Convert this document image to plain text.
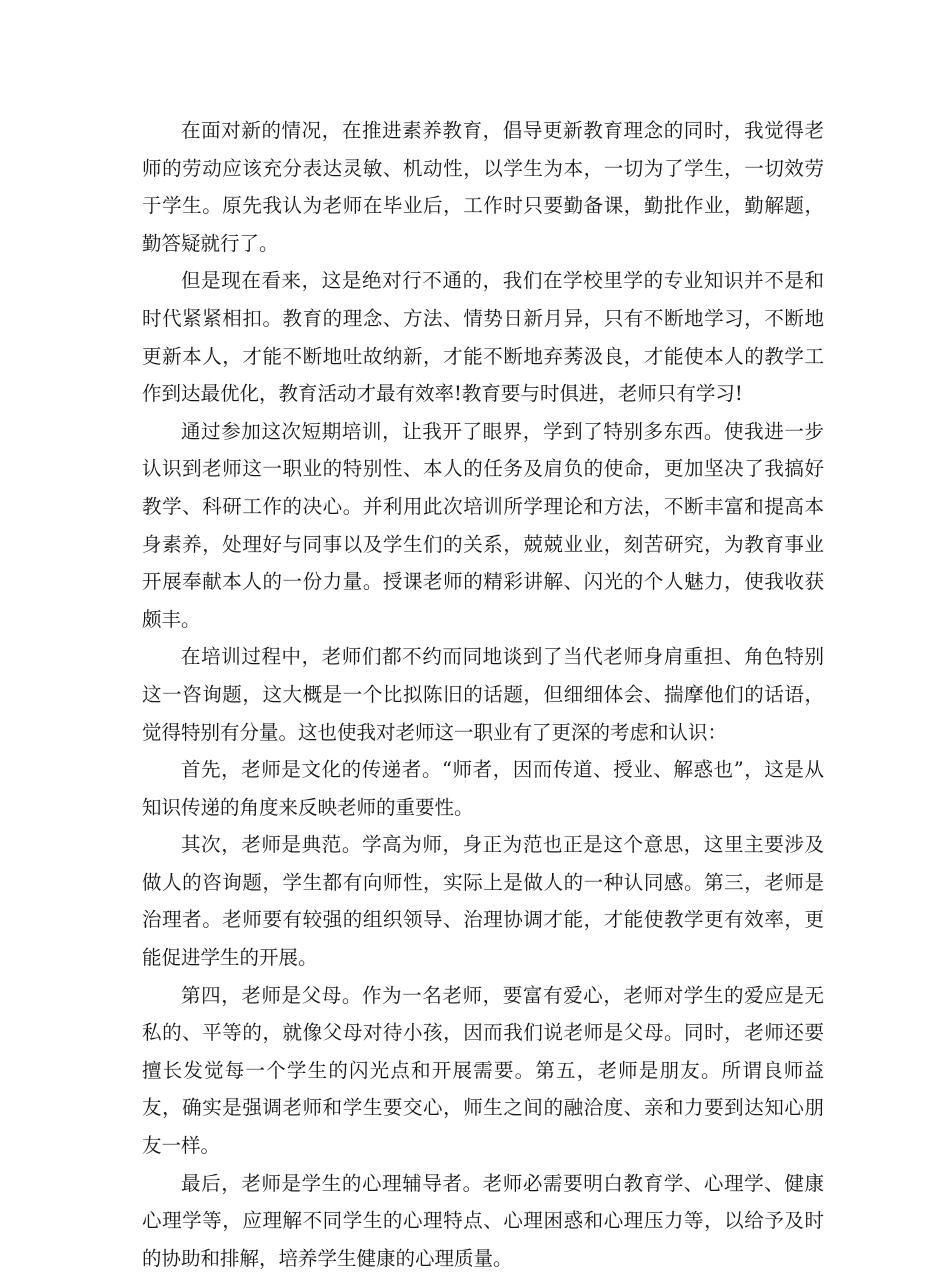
在面对新的情况，在推进素养教育，倡导更新教育理念的同时，我觉得老师的劳动应该充分表达灵敏、机动性，以学生为本，一切为了学生，一切效劳于学生。原先我认为老师在毕业后，工作时只要勤备课，勤批作业，勤解题，勤答疑就行了。

但是现在看来，这是绝对行不通的，我们在学校里学的专业知识并不是和时代紧紧相扣。教育的理念、方法、情势日新月异，只有不断地学习，不断地更新本人，才能不断地吐故纳新，才能不断地弃莠汲良，才能使本人的教学工作到达最优化，教育活动才最有效率!教育要与时俱进，老师只有学习!

通过参加这次短期培训，让我开了眼界，学到了特别多东西。使我进一步认识到老师这一职业的特别性、本人的任务及肩负的使命，更加坚决了我搞好教学、科研工作的决心。并利用此次培训所学理论和方法，不断丰富和提高本身素养，处理好与同事以及学生们的关系，兢兢业业，刻苦研究，为教育事业开展奉献本人的一份力量。授课老师的精彩讲解、闪光的个人魅力，使我收获颇丰。

在培训过程中，老师们都不约而同地谈到了当代老师身肩重担、角色特别这一咨询题，这大概是一个比拟陈旧的话题，但细细体会、揣摩他们的话语，觉得特别有分量。这也使我对老师这一职业有了更深的考虑和认识：

首先，老师是文化的传递者。“师者，因而传道、授业、解惑也”，这是从知识传递的角度来反映老师的重要性。

其次，老师是典范。学高为师，身正为范也正是这个意思，这里主要涉及做人的咨询题，学生都有向师性，实际上是做人的一种认同感。第三，老师是治理者。老师要有较强的组织领导、治理协调才能，才能使教学更有效率，更能促进学生的开展。

第四，老师是父母。作为一名老师，要富有爱心，老师对学生的爱应是无私的、平等的，就像父母对待小孩，因而我们说老师是父母。同时，老师还要擅长发觉每一个学生的闪光点和开展需要。第五，老师是朋友。所谓良师益友，确实是强调老师和学生要交心，师生之间的融洽度、亲和力要到达知心朋友一样。

最后，老师是学生的心理辅导者。老师必需要明白教育学、心理学、健康心理学等，应理解不同学生的心理特点、心理困惑和心理压力等，以给予及时的协助和排解，培养学生健康的心理质量。
